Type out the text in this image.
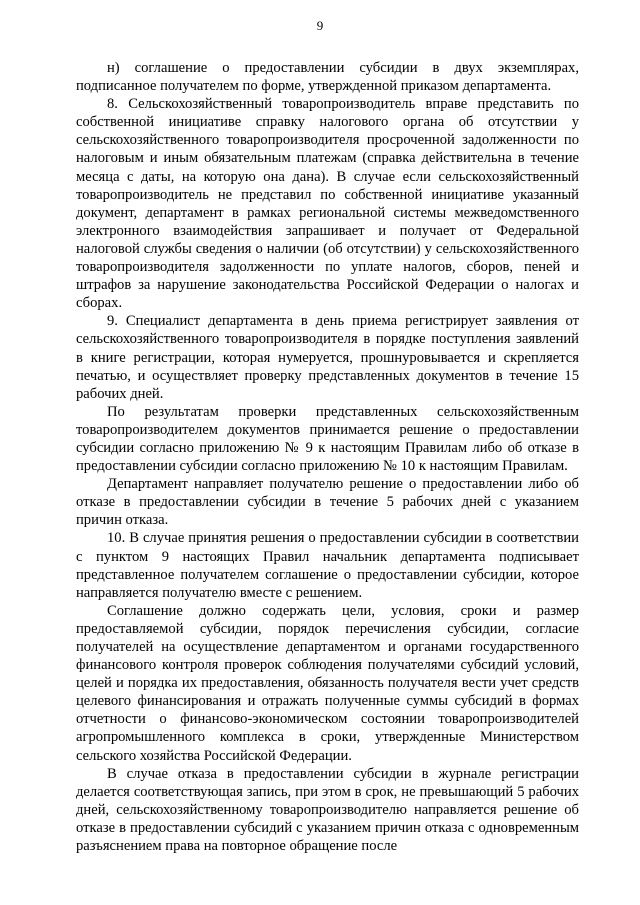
9

н) соглашение о предоставлении субсидии в двух экземплярах, подписанное получателем по форме, утвержденной приказом департамента.

8. Сельскохозяйственный товаропроизводитель вправе представить по собственной инициативе справку налогового органа об отсутствии у сельскохозяйственного товаропроизводителя просроченной задолженности по налоговым и иным обязательным платежам (справка действительна в течение месяца с даты, на которую она дана). В случае если сельскохозяйственный товаропроизводитель не представил по собственной инициативе указанный документ, департамент в рамках региональной системы межведомственного электронного взаимодействия запрашивает и получает от Федеральной налоговой службы сведения о наличии (об отсутствии) у сельскохозяйственного товаропроизводителя задолженности по уплате налогов, сборов, пеней и штрафов за нарушение законодательства Российской Федерации о налогах и сборах.

9. Специалист департамента в день приема регистрирует заявления от сельскохозяйственного товаропроизводителя в порядке поступления заявлений в книге регистрации, которая нумеруется, прошнуровывается и скрепляется печатью, и осуществляет проверку представленных документов в течение 15 рабочих дней.

По результатам проверки представленных сельскохозяйственным товаропроизводителем документов принимается решение о предоставлении субсидии согласно приложению № 9 к настоящим Правилам либо об отказе в предоставлении субсидии согласно приложению № 10 к настоящим Правилам.

Департамент направляет получателю решение о предоставлении либо об отказе в предоставлении субсидии в течение 5 рабочих дней с указанием причин отказа.

10. В случае принятия решения о предоставлении субсидии в соответствии с пунктом 9 настоящих Правил начальник департамента подписывает представленное получателем соглашение о предоставлении субсидии, которое направляется получателю вместе с решением.

Соглашение должно содержать цели, условия, сроки и размер предоставляемой субсидии, порядок перечисления субсидии, согласие получателей на осуществление департаментом и органами государственного финансового контроля проверок соблюдения получателями субсидий условий, целей и порядка их предоставления, обязанность получателя вести учет средств целевого финансирования и отражать полученные суммы субсидий в формах отчетности о финансово-экономическом состоянии товаропроизводителей агропромышленного комплекса в сроки, утвержденные Министерством сельского хозяйства Российской Федерации.

В случае отказа в предоставлении субсидии в журнале регистрации делается соответствующая запись, при этом в срок, не превышающий 5 рабочих дней, сельскохозяйственному товаропроизводителю направляется решение об отказе в предоставлении субсидий с указанием причин отказа с одновременным разъяснением права на повторное обращение после
